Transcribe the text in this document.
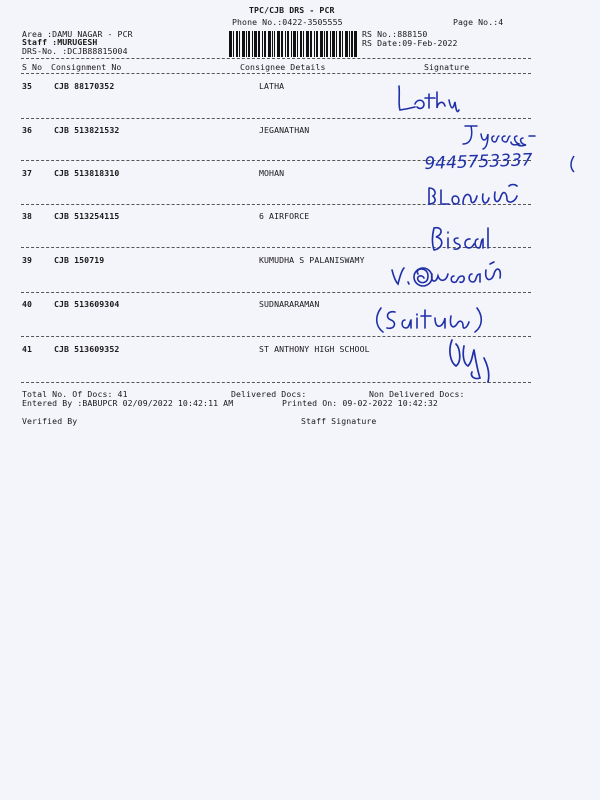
TPC/CJB DRS - PCR
Phone No.:0422-3505555	Page No.:4
Area :DAMU NAGAR - PCR
Staff :MURUGESH
DRS-No. :DCJB88815004
RS No.:888150
RS Date:09-Feb-2022
S No Consignment No	Consignee Details	Signature
35	CJB 88170352	LATHA
36	CJB 513821532	JEGANATHAN
37	CJB 513818310	MOHAN
38	CJB 513254115	6 AIRFORCE
39	CJB 150719	KUMUDHA S PALANISWAMY
40	CJB 513609304	SUDNARARAMAN
41	CJB 513609352	ST ANTHONY HIGH SCHOOL
9445753337
Total No. Of Docs: 41	Delivered Docs:	Non Delivered Docs:
Entered By :BABUPCR 02/09/2022 10:42:11 AM	Printed On: 09-02-2022 10:42:32
Verified By	Staff Signature
